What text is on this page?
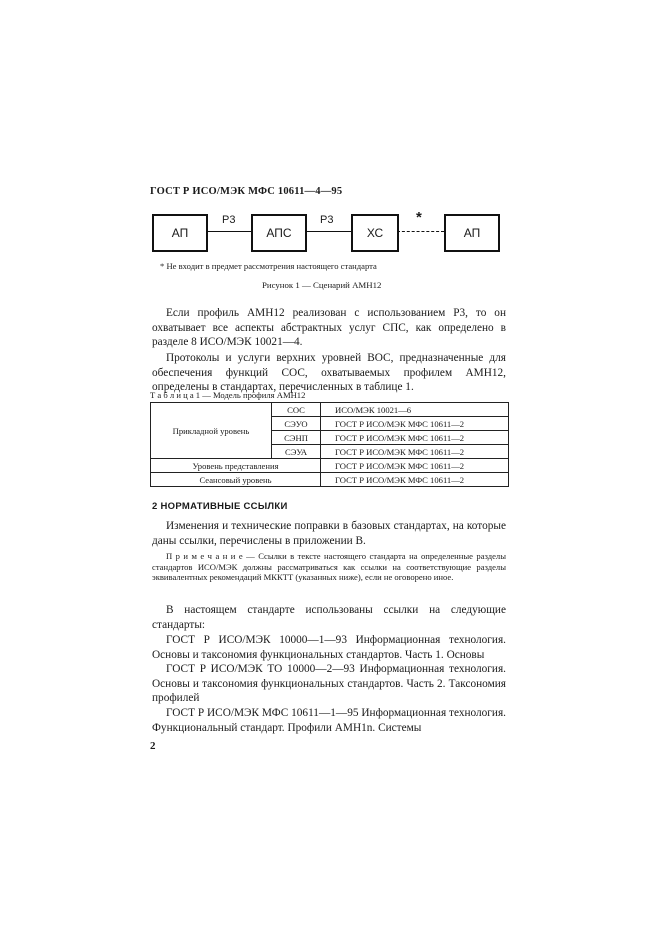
ГОСТ Р ИСО/МЭК МФС 10611—4—95
АП
Р3
АПС
Р3
ХС
*
АП
* Не входит в предмет рассмотрения настоящего стандарта
Рисунок 1 — Сценарий АМН12
Если профиль АМН12 реализован с использованием Р3, то он охватывает все аспекты абстрактных услуг СПС, как определено в разделе 8 ИСО/МЭК 10021—4.
Протоколы и услуги верхних уровней ВОС, предназначенные для обеспечения функций СОС, охватываемых профилем АМН12, определены в стандартах, перечисленных в таблице 1.
Т а б л и ц а 1 — Модель профиля АМН12
Прикладной уровень	СОС	ИСО/МЭК 10021—6
	СЭУО	ГОСТ Р ИСО/МЭК МФС 10611—2
	СЭНП	ГОСТ Р ИСО/МЭК МФС 10611—2
	СЭУА	ГОСТ Р ИСО/МЭК МФС 10611—2
Уровень представления		ГОСТ Р ИСО/МЭК МФС 10611—2
Сеансовый уровень		ГОСТ Р ИСО/МЭК МФС 10611—2
2 НОРМАТИВНЫЕ ССЫЛКИ
Изменения и технические поправки в базовых стандартах, на которые даны ссылки, перечислены в приложении В.
П р и м е ч а н и е — Ссылки в тексте настоящего стандарта на определенные разделы стандартов ИСО/МЭК должны рассматриваться как ссылки на соответствующие разделы эквивалентных рекомендаций МККТТ (указанных ниже), если не оговорено иное.
В настоящем стандарте использованы ссылки на следующие стандарты:
ГОСТ Р ИСО/МЭК 10000—1—93 Информационная технология. Основы и таксономия функциональных стандартов. Часть 1. Основы
ГОСТ Р ИСО/МЭК ТО 10000—2—93 Информационная технология. Основы и таксономия функциональных стандартов. Часть 2. Таксономия профилей
ГОСТ Р ИСО/МЭК МФС 10611—1—95 Информационная технология. Функциональный стандарт. Профили АМН1n. Системы
2
